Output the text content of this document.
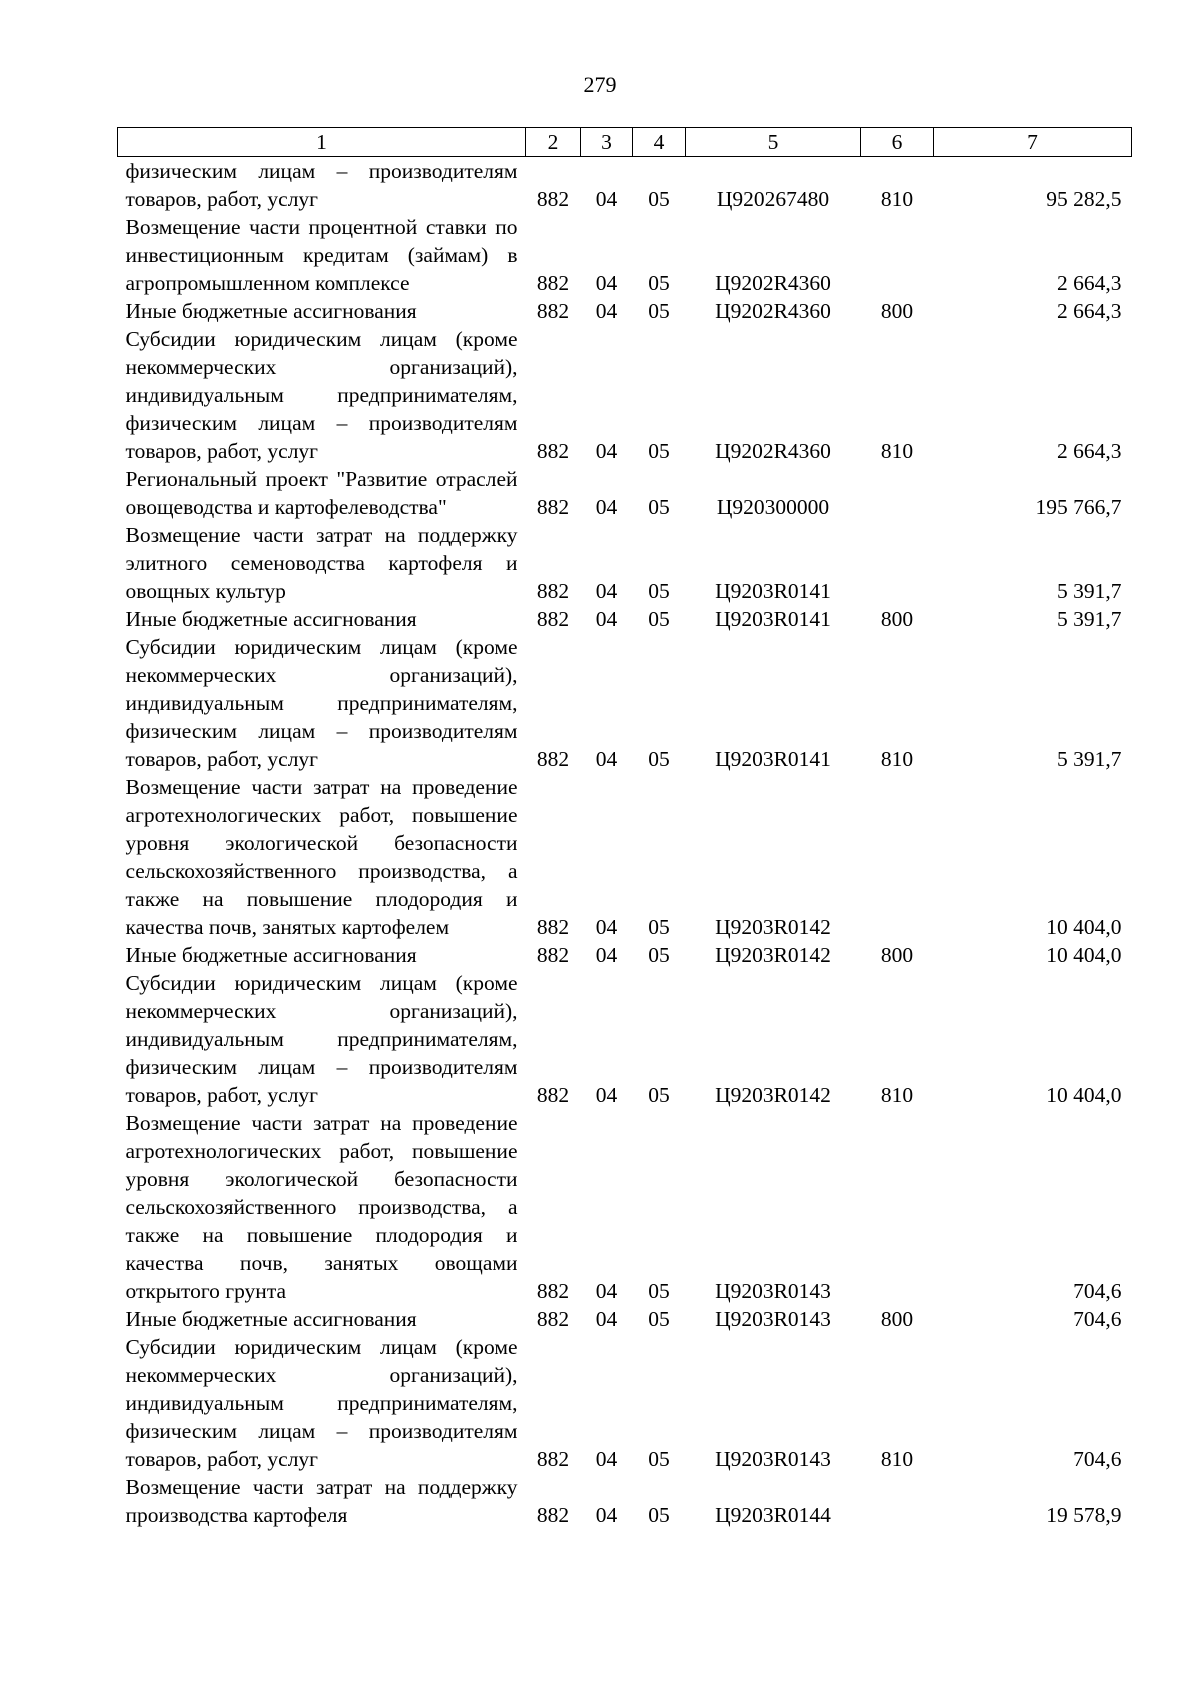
279
1	2	3	4	5	6	7
физическим лицам – производителям товаров, работ, услуг	882	04	05	Ц920267480	810	95 282,5
Возмещение части процентной ставки по инвестиционным кредитам (займам) в агропромышленном комплексе	882	04	05	Ц9202R4360		2 664,3
Иные бюджетные ассигнования	882	04	05	Ц9202R4360	800	2 664,3
Субсидии юридическим лицам (кроме некоммерческих организаций), индивидуальным предпринимателям, физическим лицам – производителям товаров, работ, услуг	882	04	05	Ц9202R4360	810	2 664,3
Региональный проект "Развитие отраслей овощеводства и картофелеводства"	882	04	05	Ц920300000		195 766,7
Возмещение части затрат на поддержку элитного семеноводства картофеля и овощных культур	882	04	05	Ц9203R0141		5 391,7
Иные бюджетные ассигнования	882	04	05	Ц9203R0141	800	5 391,7
Субсидии юридическим лицам (кроме некоммерческих организаций), индивидуальным предпринимателям, физическим лицам – производителям товаров, работ, услуг	882	04	05	Ц9203R0141	810	5 391,7
Возмещение части затрат на проведение агротехнологических работ, повышение уровня экологической безопасности сельскохозяйственного производства, а также на повышение плодородия и качества почв, занятых картофелем	882	04	05	Ц9203R0142		10 404,0
Иные бюджетные ассигнования	882	04	05	Ц9203R0142	800	10 404,0
Субсидии юридическим лицам (кроме некоммерческих организаций), индивидуальным предпринимателям, физическим лицам – производителям товаров, работ, услуг	882	04	05	Ц9203R0142	810	10 404,0
Возмещение части затрат на проведение агротехнологических работ, повышение уровня экологической безопасности сельскохозяйственного производства, а также на повышение плодородия и качества почв, занятых овощами открытого грунта	882	04	05	Ц9203R0143		704,6
Иные бюджетные ассигнования	882	04	05	Ц9203R0143	800	704,6
Субсидии юридическим лицам (кроме некоммерческих организаций), индивидуальным предпринимателям, физическим лицам – производителям товаров, работ, услуг	882	04	05	Ц9203R0143	810	704,6
Возмещение части затрат на поддержку производства картофеля	882	04	05	Ц9203R0144		19 578,9
